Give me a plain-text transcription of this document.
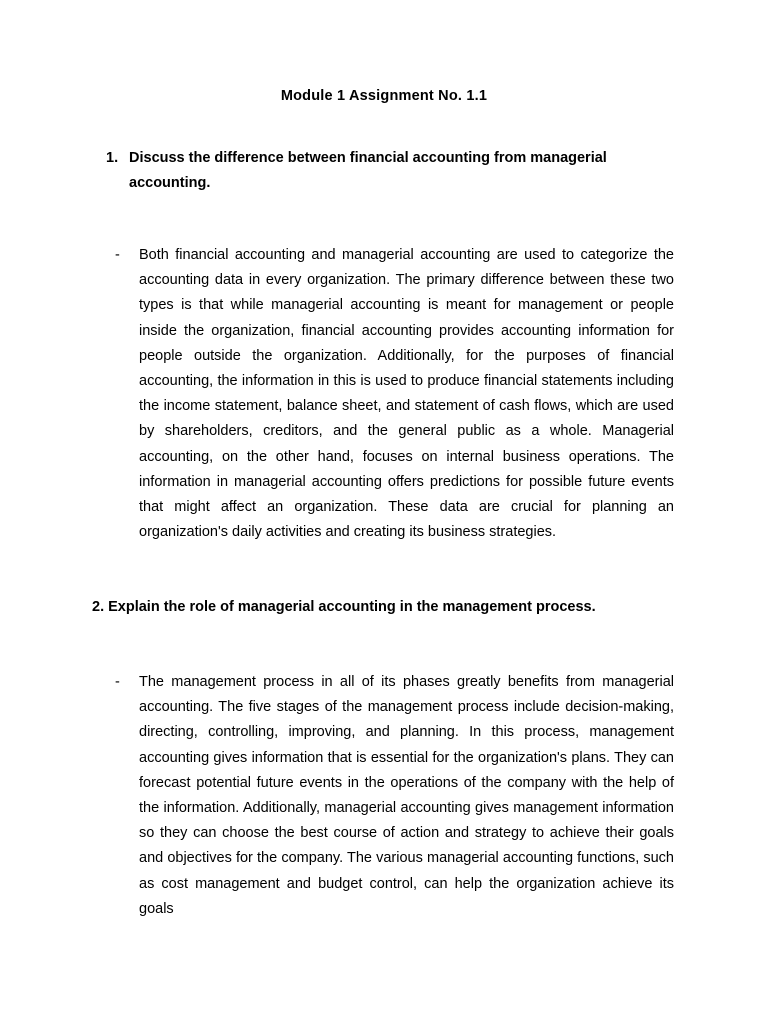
Module 1 Assignment No. 1.1
1. Discuss the difference between financial accounting from managerial accounting.
- Both financial accounting and managerial accounting are used to categorize the accounting data in every organization. The primary difference between these two types is that while managerial accounting is meant for management or people inside the organization, financial accounting provides accounting information for people outside the organization. Additionally, for the purposes of financial accounting, the information in this is used to produce financial statements including the income statement, balance sheet, and statement of cash flows, which are used by shareholders, creditors, and the general public as a whole. Managerial accounting, on the other hand, focuses on internal business operations. The information in managerial accounting offers predictions for possible future events that might affect an organization. These data are crucial for planning an organization's daily activities and creating its business strategies.
2. Explain the role of managerial accounting in the management process.
- The management process in all of its phases greatly benefits from managerial accounting. The five stages of the management process include decision-making, directing, controlling, improving, and planning. In this process, management accounting gives information that is essential for the organization's plans. They can forecast potential future events in the operations of the company with the help of the information. Additionally, managerial accounting gives management information so they can choose the best course of action and strategy to achieve their goals and objectives for the company. The various managerial accounting functions, such as cost management and budget control, can help the organization achieve its goals
